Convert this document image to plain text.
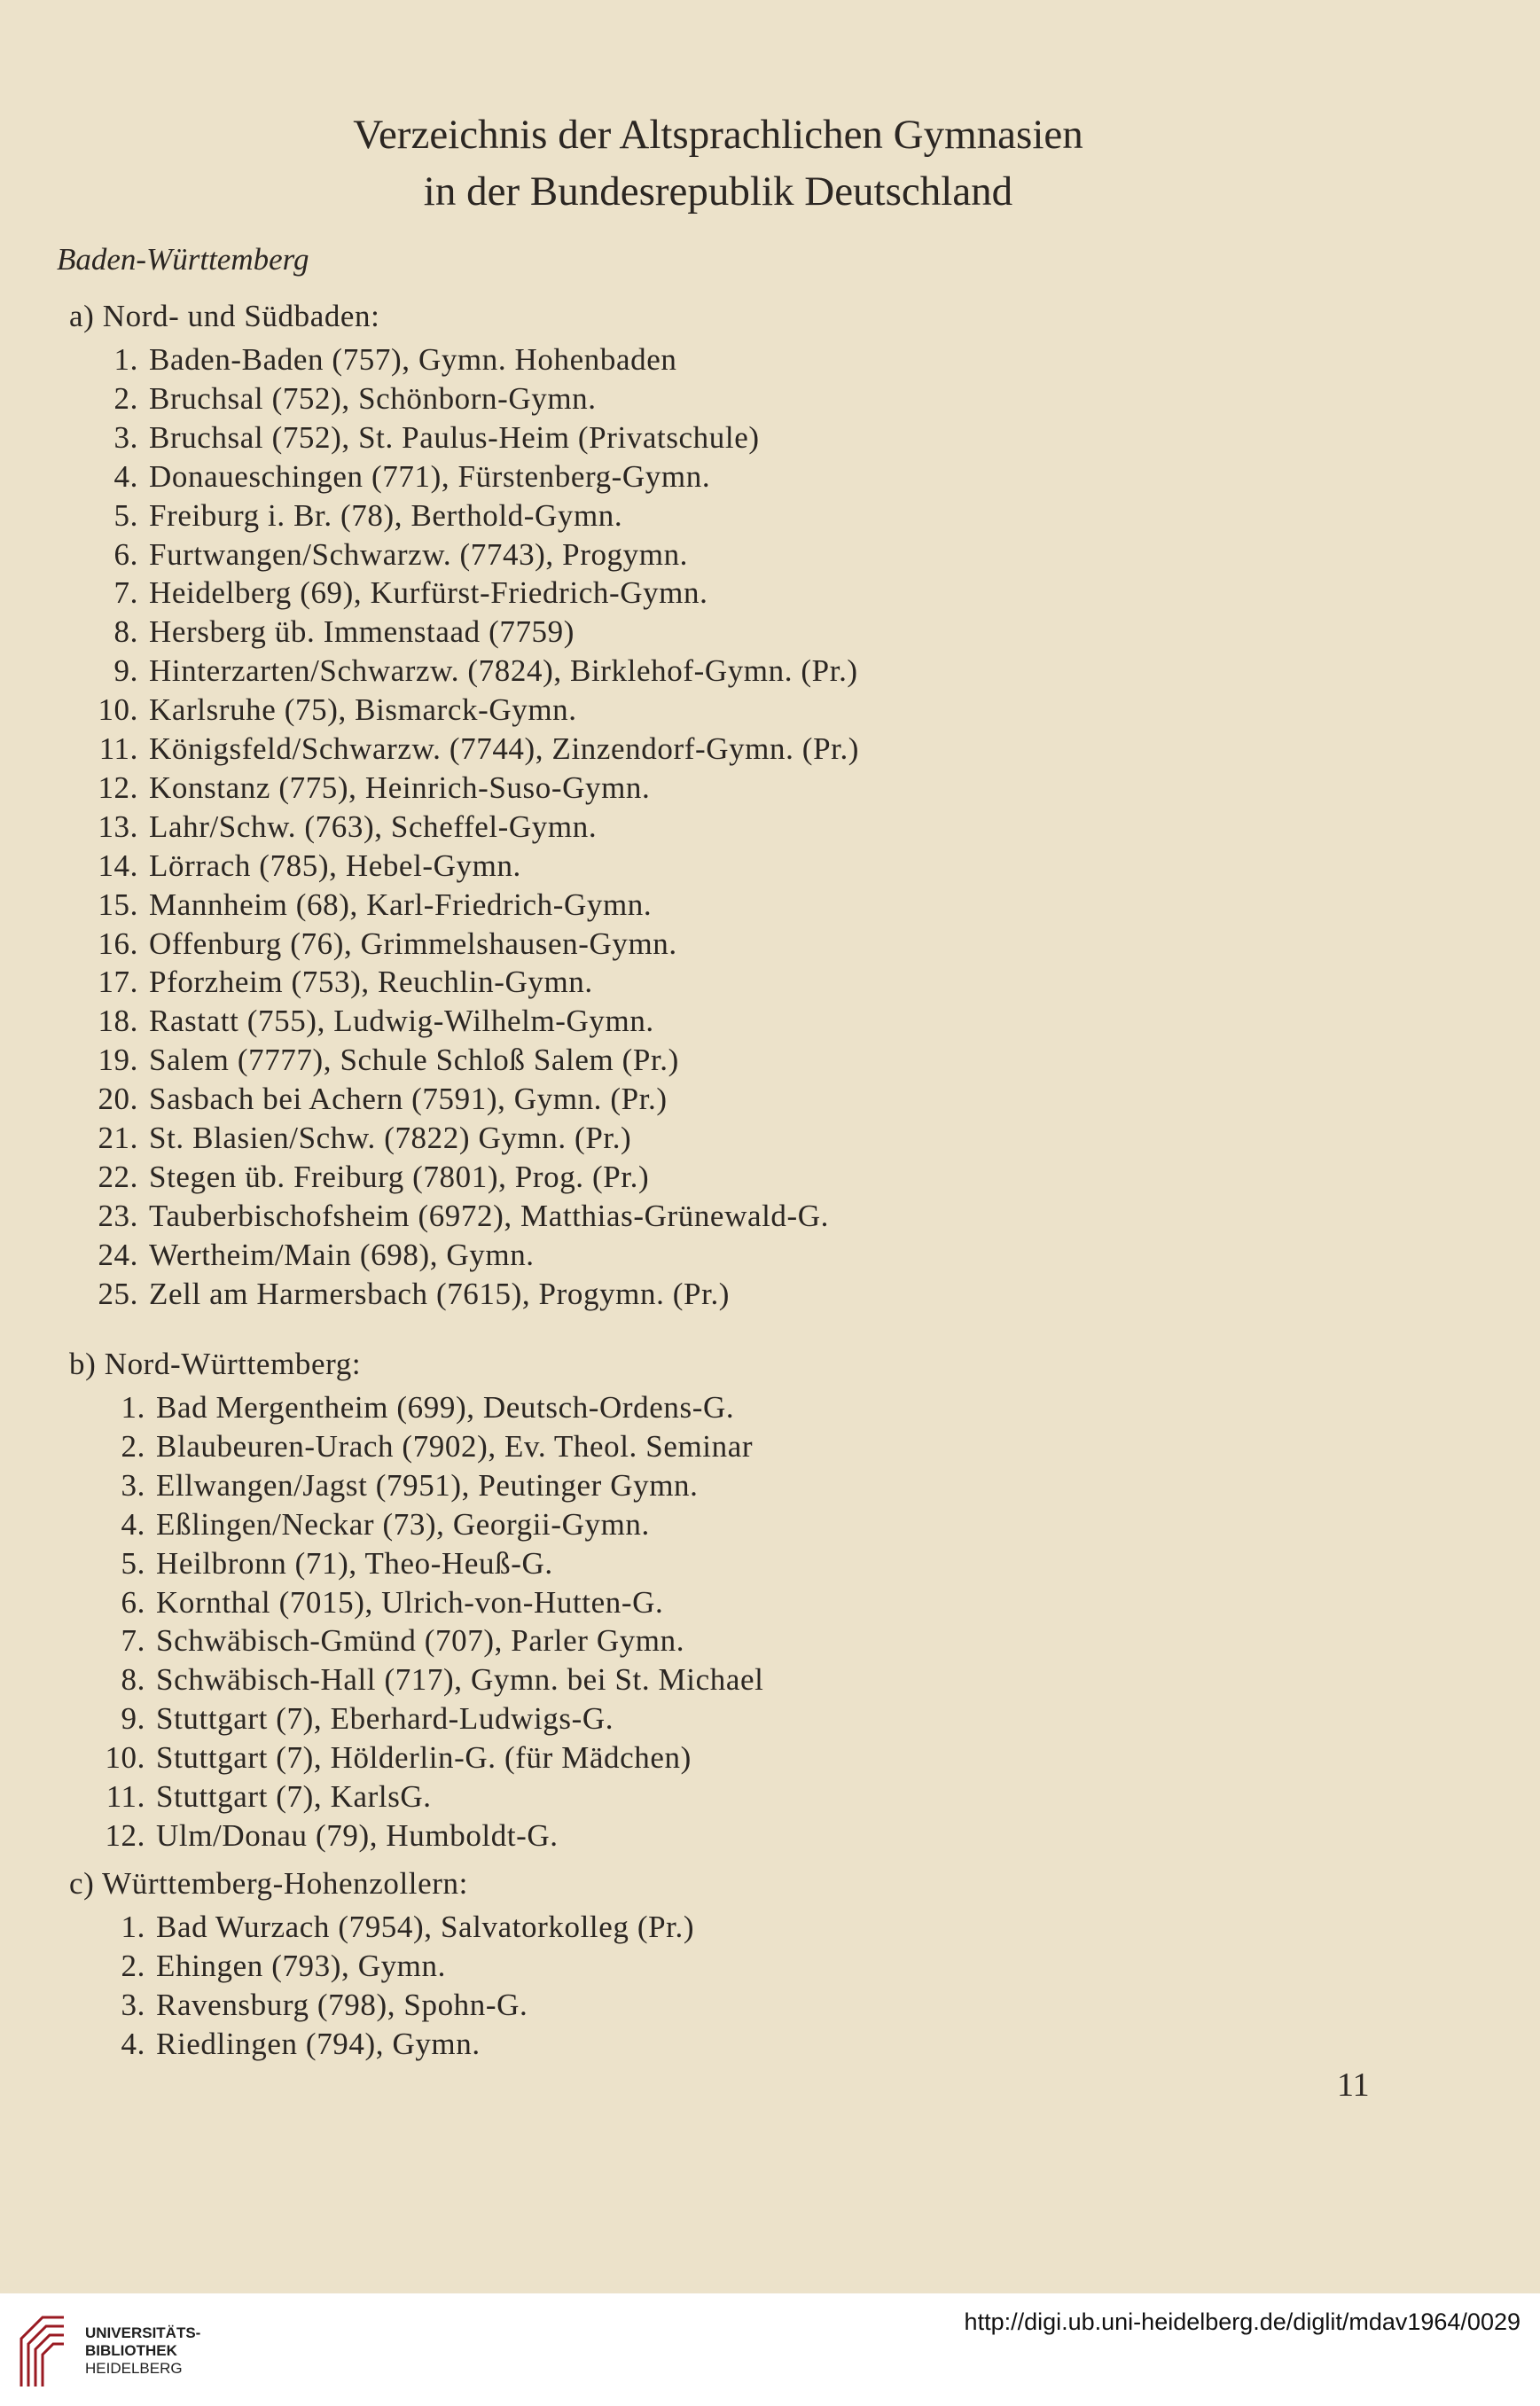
Verzeichnis der Altsprachlichen Gymnasien
in der Bundesrepublik Deutschland
Baden-Württemberg
a) Nord- und Südbaden:
1. Baden-Baden (757), Gymn. Hohenbaden
2. Bruchsal (752), Schönborn-Gymn.
3. Bruchsal (752), St. Paulus-Heim (Privatschule)
4. Donaueschingen (771), Fürstenberg-Gymn.
5. Freiburg i. Br. (78), Berthold-Gymn.
6. Furtwangen/Schwarzw. (7743), Progymn.
7. Heidelberg (69), Kurfürst-Friedrich-Gymn.
8. Hersberg üb. Immenstaad (7759)
9. Hinterzarten/Schwarzw. (7824), Birklehof-Gymn. (Pr.)
10. Karlsruhe (75), Bismarck-Gymn.
11. Königsfeld/Schwarzw. (7744), Zinzendorf-Gymn. (Pr.)
12. Konstanz (775), Heinrich-Suso-Gymn.
13. Lahr/Schw. (763), Scheffel-Gymn.
14. Lörrach (785), Hebel-Gymn.
15. Mannheim (68), Karl-Friedrich-Gymn.
16. Offenburg (76), Grimmelshausen-Gymn.
17. Pforzheim (753), Reuchlin-Gymn.
18. Rastatt (755), Ludwig-Wilhelm-Gymn.
19. Salem (7777), Schule Schloß Salem (Pr.)
20. Sasbach bei Achern (7591), Gymn. (Pr.)
21. St. Blasien/Schw. (7822) Gymn. (Pr.)
22. Stegen üb. Freiburg (7801), Prog. (Pr.)
23. Tauberbischofsheim (6972), Matthias-Grünewald-G.
24. Wertheim/Main (698), Gymn.
25. Zell am Harmersbach (7615), Progymn. (Pr.)
b) Nord-Württemberg:
1. Bad Mergentheim (699), Deutsch-Ordens-G.
2. Blaubeuren-Urach (7902), Ev. Theol. Seminar
3. Ellwangen/Jagst (7951), Peutinger Gymn.
4. Eßlingen/Neckar (73), Georgii-Gymn.
5. Heilbronn (71), Theo-Heuß-G.
6. Kornthal (7015), Ulrich-von-Hutten-G.
7. Schwäbisch-Gmünd (707), Parler Gymn.
8. Schwäbisch-Hall (717), Gymn. bei St. Michael
9. Stuttgart (7), Eberhard-Ludwigs-G.
10. Stuttgart (7), Hölderlin-G. (für Mädchen)
11. Stuttgart (7), KarlsG.
12. Ulm/Donau (79), Humboldt-G.
c) Württemberg-Hohenzollern:
1. Bad Wurzach (7954), Salvatorkolleg (Pr.)
2. Ehingen (793), Gymn.
3. Ravensburg (798), Spohn-G.
4. Riedlingen (794), Gymn.
11
UNIVERSITÄTS-
BIBLIOTHEK
HEIDELBERG
http://digi.ub.uni-heidelberg.de/diglit/mdav1964/0029
